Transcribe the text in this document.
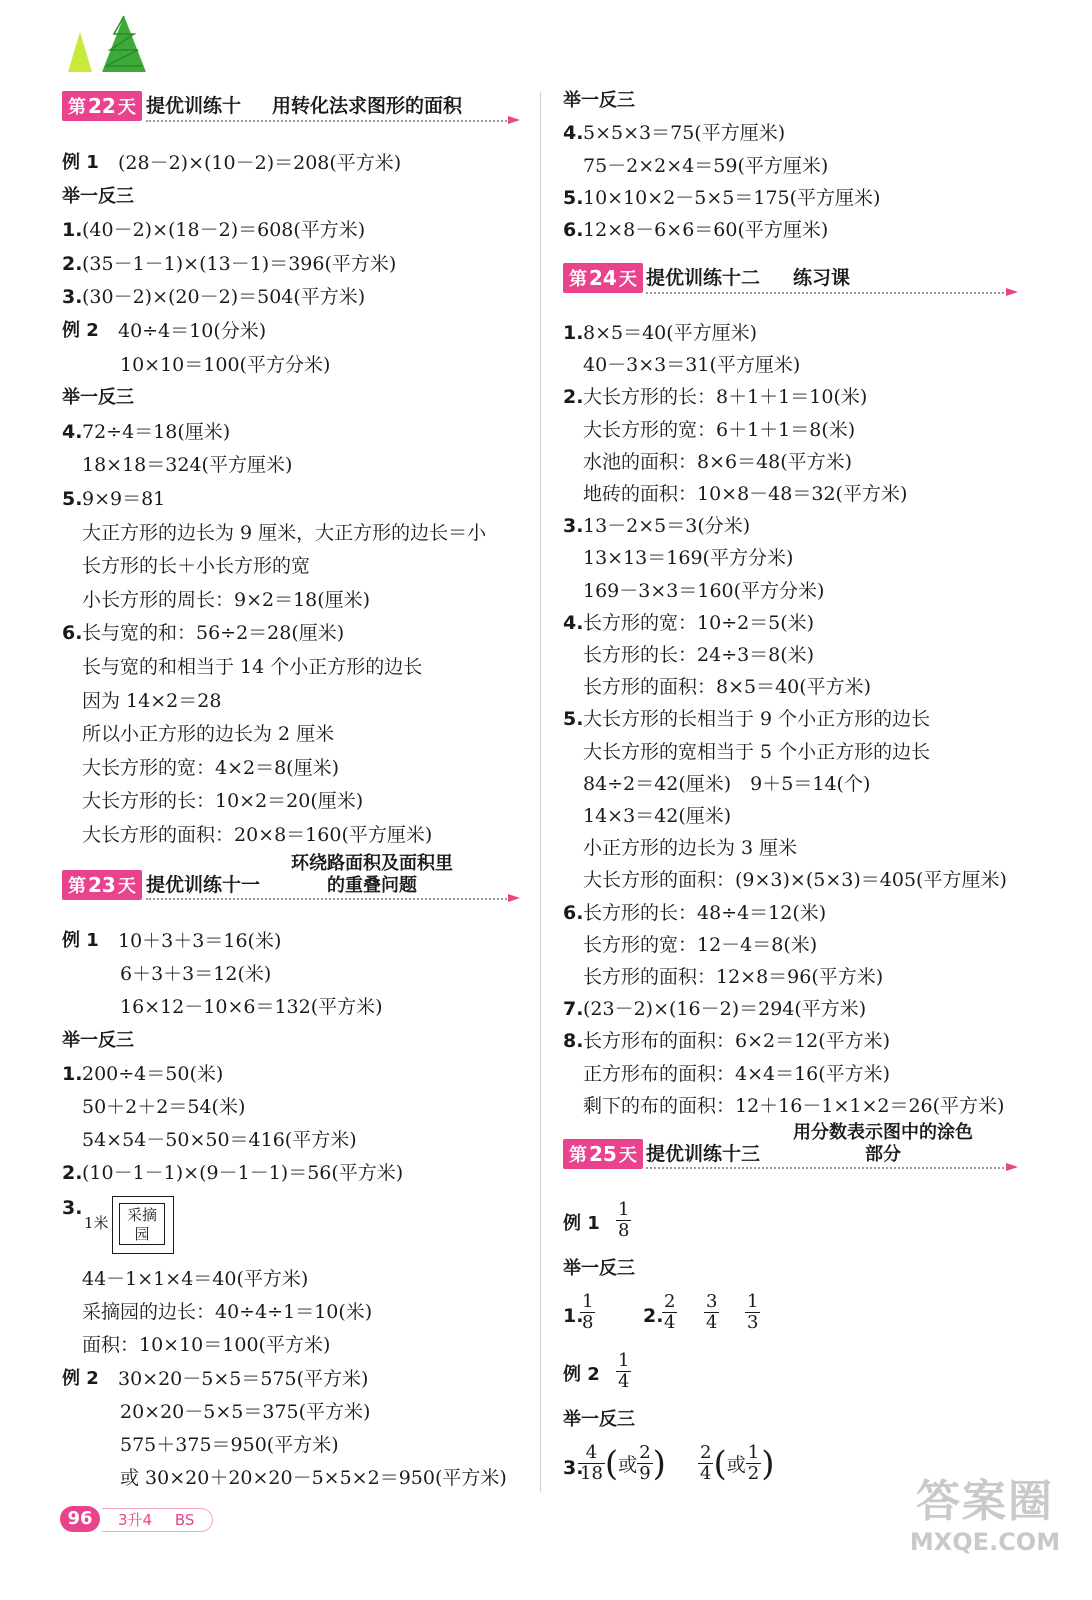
第 22 天 提优训练十 用转化法求图形的面积
例 1 (28－2)×(10－2)＝208(平方米)
举一反三
1. (40－2)×(18－2)＝608(平方米)
2. (35－1－1)×(13－1)＝396(平方米)
3. (30－2)×(20－2)＝504(平方米)
例 2 40÷4＝10(分米)
10×10＝100(平方分米)
举一反三
4. 72÷4＝18(厘米)
18×18＝324(平方厘米)
5. 9×9＝81
大正方形的边长为 9 厘米，大正方形的边长＝小
长方形的长＋小长方形的宽
小长方形的周长：9×2＝18(厘米)
6. 长与宽的和：56÷2＝28(厘米)
长与宽的和相当于 14 个小正方形的边长
因为 14×2＝28
所以小正方形的边长为 2 厘米
大长方形的宽：4×2＝8(厘米)
大长方形的长：10×2＝20(厘米)
大长方形的面积：20×8＝160(平方厘米)
第 23 天 提优训练十一
环绕路面积及面积里
的重叠问题
例 1 10＋3＋3＝16(米)
6＋3＋3＝12(米)
16×12－10×6＝132(平方米)
举一反三
1. 200÷4＝50(米)
50＋2＋2＝54(米)
54×54－50×50＝416(平方米)
2. (10－1－1)×(9－1－1)＝56(平方米)
3.
1米	采摘
园
44－1×1×4＝40(平方米)
采摘园的边长：40÷4÷1＝10(米)
面积：10×10＝100(平方米)
例 2 30×20－5×5＝575(平方米)
20×20－5×5＝375(平方米)
575＋375＝950(平方米)
或 30×20＋20×20－5×5×2＝950(平方米)
96	3升4 BS
举一反三
4. 5×5×3＝75(平方厘米)
75－2×2×4＝59(平方厘米)
5. 10×10×2－5×5＝175(平方厘米)
6. 12×8－6×6＝60(平方厘米)
第 24 天 提优训练十二 练习课
1. 8×5＝40(平方厘米)
40－3×3＝31(平方厘米)
2. 大长方形的长：8＋1＋1＝10(米)
大长方形的宽：6＋1＋1＝8(米)
水池的面积：8×6＝48(平方米)
地砖的面积：10×8－48＝32(平方米)
3. 13－2×5＝3(分米)
13×13＝169(平方分米)
169－3×3＝160(平方分米)
4. 长方形的宽：10÷2＝5(米)
长方形的长：24÷3＝8(米)
长方形的面积：8×5＝40(平方米)
5. 大长方形的长相当于 9 个小正方形的边长
大长方形的宽相当于 5 个小正方形的边长
84÷2＝42(厘米)　9＋5＝14(个)
14×3＝42(厘米)
小正方形的边长为 3 厘米
大长方形的面积：(9×3)×(5×3)＝405(平方厘米)
6. 长方形的长：48÷4＝12(米)
长方形的宽：12－4＝8(米)
长方形的面积：12×8＝96(平方米)
7. (23－2)×(16－2)＝294(平方米)
8. 长方形布的面积：6×2＝12(平方米)
正方形布的面积：4×4＝16(平方米)
剩下的布的面积：12＋16－1×1×2＝26(平方米)
第 25 天 提优训练十三
用分数表示图中的涂色
部分
例 $1 \frac{1}{8}$
举一反三
1.
$\frac{1}{8}$	2.
$\frac{2}{4} \frac{3}{4} \frac{1}{3}$
例 $2 \frac{1}{4}$
举一反三
3.
$\frac{4}{18}$ (或 $\frac{2}{9}$ ) $\frac{2}{4}$ (或 $\frac{1}{2}$ )
答案圈
MXQE.COM
